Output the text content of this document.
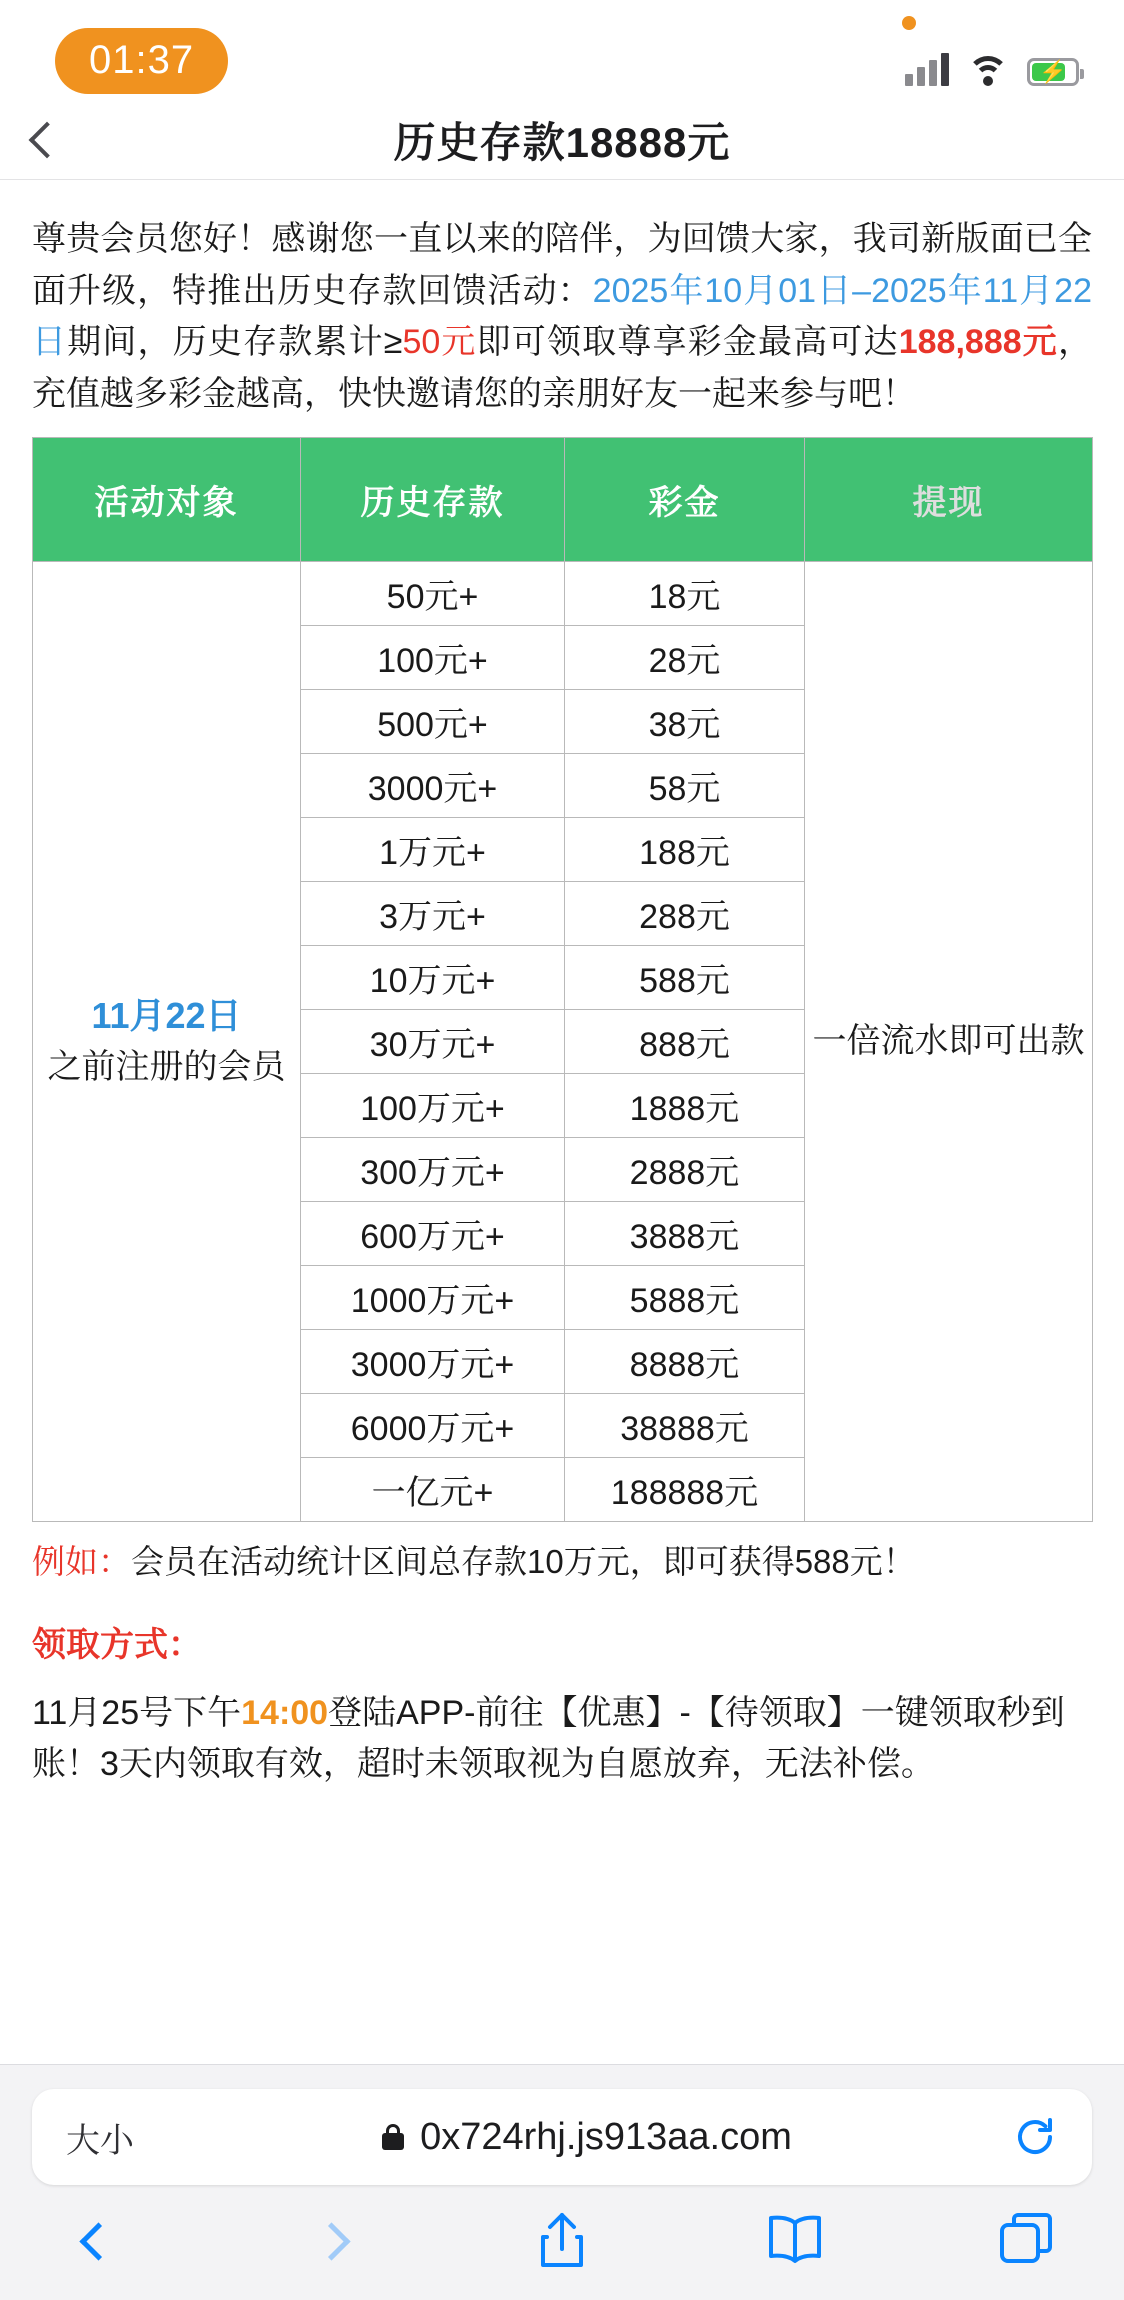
01:37	⚡
历史存款18888元
尊贵会员您好！感谢您一直以来的陪伴，为回馈大家，我司新版面已全面升级，特推出历史存款回馈活动：2025年10月01日–2025年11月22日期间，历史存款累计≥50元即可领取尊享彩金最高可达188,888元，充值越多彩金越高，快快邀请您的亲朋好友一起来参与吧！
活动对象	历史存款	彩金	提现
11月22日
之前注册的会员	50元+	18元	一倍流水即可出款
	100元+	28元	
	500元+	38元	
	3000元+	58元	
	1万元+	188元	
	3万元+	288元	
	10万元+	588元	
	30万元+	888元	
	100万元+	1888元	
	300万元+	2888元	
	600万元+	3888元	
	1000万元+	5888元	
	3000万元+	8888元	
	6000万元+	38888元	
	一亿元+	188888元	
例如：会员在活动统计区间总存款10万元，即可获得588元！
领取方式：
11月25号下午14:00登陆APP-前往【优惠】-【待领取】一键领取秒到账！3天内领取有效，超时未领取视为自愿放弃，无法补偿。
大小	0x724rhj.js913aa.com
